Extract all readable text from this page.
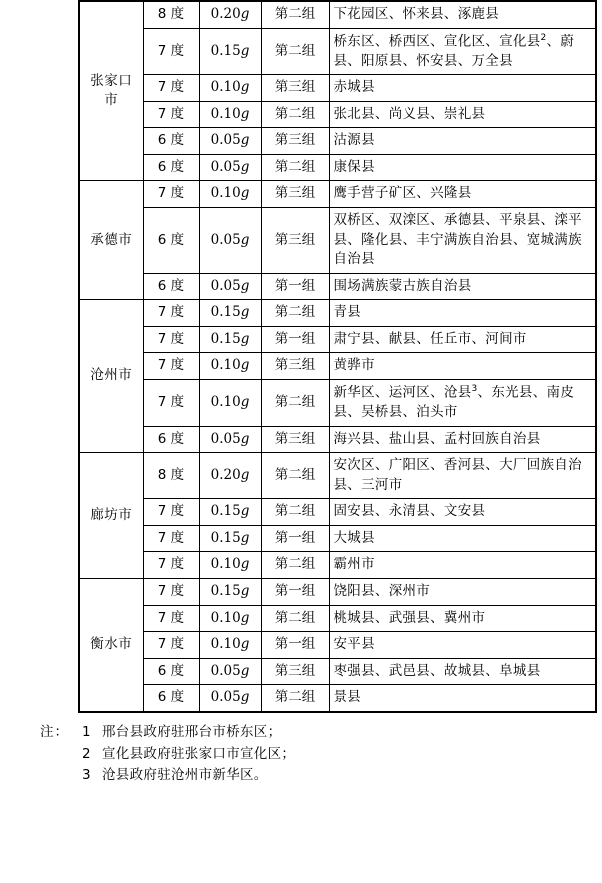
张家口市	8 度	0.20g	第二组	下花园区、怀来县、涿鹿县
	7 度	0.15g	第二组	桥东区、桥西区、宣化区、宣化县$^2$、蔚县、阳原县、怀安县、万全县
	7 度	0.10g	第三组	赤城县
	7 度	0.10g	第二组	张北县、尚义县、崇礼县
	6 度	0.05g	第三组	沽源县
	6 度	0.05g	第二组	康保县
承德市	7 度	0.10g	第三组	鹰手营子矿区、兴隆县
	6 度	0.05g	第三组	双桥区、双滦区、承德县、平泉县、滦平县、隆化县、丰宁满族自治县、宽城满族自治县
	6 度	0.05g	第一组	围场满族蒙古族自治县
沧州市	7 度	0.15g	第二组	青县
	7 度	0.15g	第一组	肃宁县、献县、任丘市、河间市
	7 度	0.10g	第三组	黄骅市
	7 度	0.10g	第二组	新华区、运河区、沧县$^3$、东光县、南皮县、吴桥县、泊头市
	6 度	0.05g	第三组	海兴县、盐山县、孟村回族自治县
廊坊市	8 度	0.20g	第二组	安次区、广阳区、香河县、大厂回族自治县、三河市
	7 度	0.15g	第二组	固安县、永清县、文安县
	7 度	0.15g	第一组	大城县
	7 度	0.10g	第二组	霸州市
衡水市	7 度	0.15g	第一组	饶阳县、深州市
	7 度	0.10g	第二组	桃城县、武强县、冀州市
	7 度	0.10g	第一组	安平县
	6 度	0.05g	第三组	枣强县、武邑县、故城县、阜城县
	6 度	0.05g	第二组	景县
注： 1 邢台县政府驻邢台市桥东区；
2 宣化县政府驻张家口市宣化区；
3 沧县政府驻沧州市新华区。
